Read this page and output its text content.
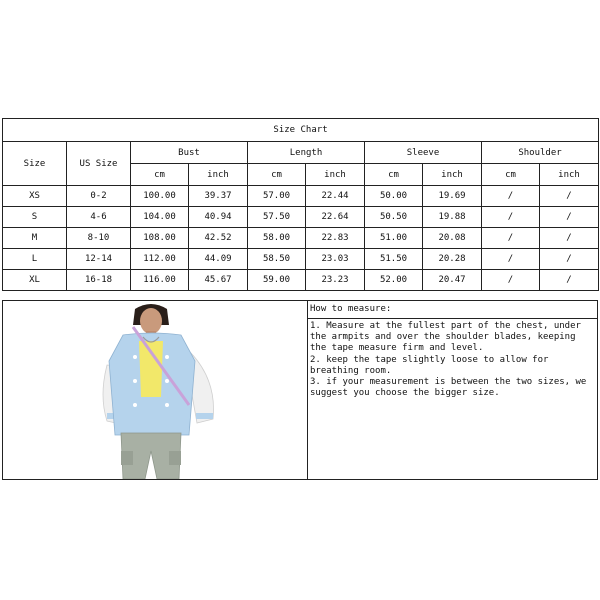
Size Chart									
Size	US Size	Bust		Length		Sleeve		Shoulder	
		cm	inch	cm	inch	cm	inch	cm	inch
XS	0-2	100.00	39.37	57.00	22.44	50.00	19.69	/	/
S	4-6	104.00	40.94	57.50	22.64	50.50	19.88	/	/
M	8-10	108.00	42.52	58.00	22.83	51.00	20.08	/	/
L	12-14	112.00	44.09	58.50	23.03	51.50	20.28	/	/
XL	16-18	116.00	45.67	59.00	23.23	52.00	20.47	/	/
How to measure:

1. Measure at the fullest part of the chest, under the armpits and over the shoulder blades, keeping the tape measure firm and level.

2. keep the tape slightly loose to allow for breathing room.

3. if your measurement is between the two sizes, we suggest you choose the bigger size.
